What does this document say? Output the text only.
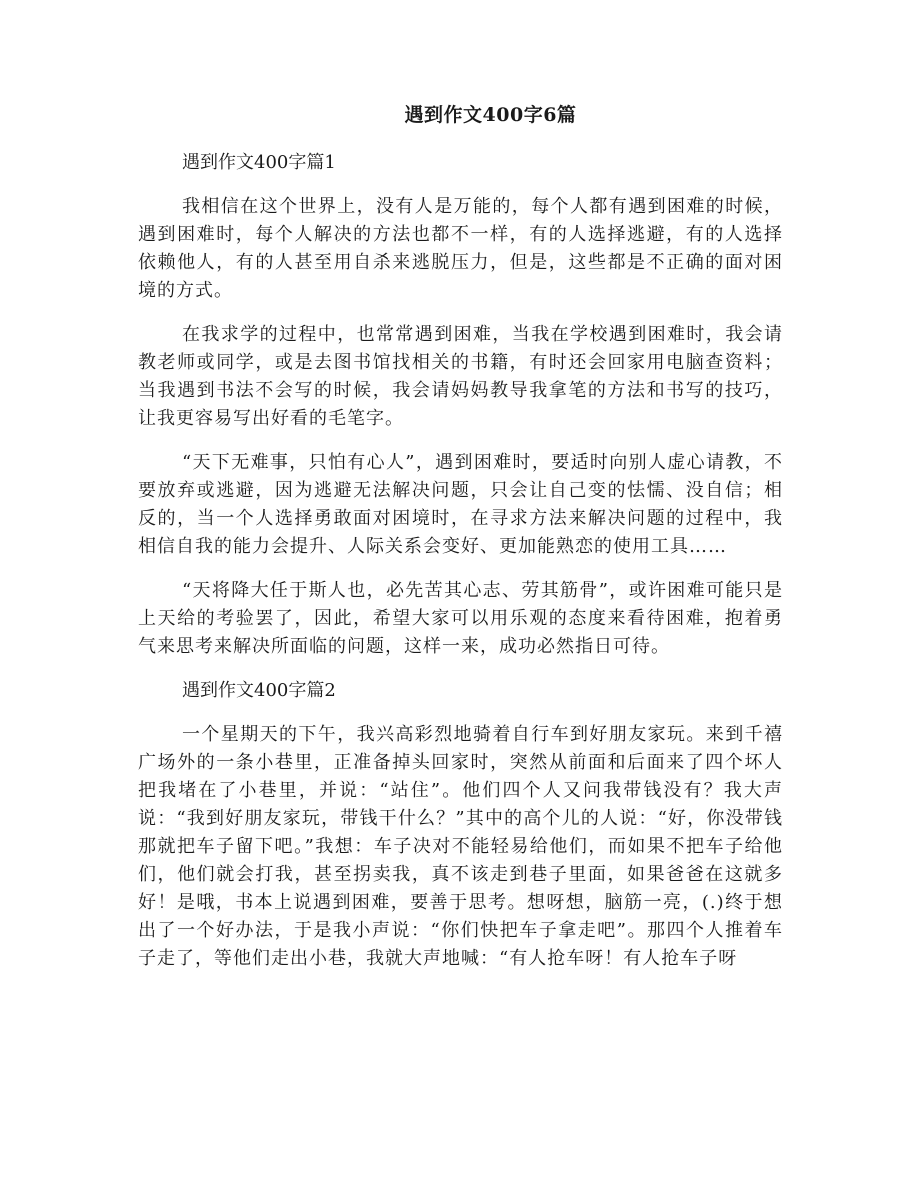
遇到作文400字6篇
遇到作文400字篇1

我相信在这个世界上，没有人是万能的，每个人都有遇到困难的时候，遇到困难时，每个人解决的方法也都不一样，有的人选择逃避，有的人选择依赖他人，有的人甚至用自杀来逃脱压力，但是，这些都是不正确的面对困境的方式。

在我求学的过程中，也常常遇到困难，当我在学校遇到困难时，我会请教老师或同学，或是去图书馆找相关的书籍，有时还会回家用电脑查资料；当我遇到书法不会写的时候，我会请妈妈教导我拿笔的方法和书写的技巧，让我更容易写出好看的毛笔字。

“天下无难事，只怕有心人”，遇到困难时，要适时向别人虚心请教，不要放弃或逃避，因为逃避无法解决问题，只会让自己变的怯懦、没自信；相反的，当一个人选择勇敢面对困境时，在寻求方法来解决问题的过程中，我相信自我的能力会提升、人际关系会变好、更加能熟恋的使用工具……

“天将降大任于斯人也，必先苦其心志、劳其筋骨”，或许困难可能只是上天给的考验罢了，因此，希望大家可以用乐观的态度来看待困难，抱着勇气来思考来解决所面临的问题，这样一来，成功必然指日可待。

遇到作文400字篇2

一个星期天的下午，我兴高彩烈地骑着自行车到好朋友家玩。来到千禧广场外的一条小巷里，正准备掉头回家时，突然从前面和后面来了四个坏人把我堵在了小巷里，并说：“站住”。他们四个人又问我带钱没有？我大声说：“我到好朋友家玩，带钱干什么？”其中的高个儿的人说：“好，你没带钱那就把车子留下吧。”我想：车子决对不能轻易给他们，而如果不把车子给他们，他们就会打我，甚至拐卖我，真不该走到巷子里面，如果爸爸在这就多好！是哦，书本上说遇到困难，要善于思考。想呀想，脑筋一亮，(.)终于想出了一个好办法，于是我小声说：“你们快把车子拿走吧”。那四个人推着车子走了，等他们走出小巷，我就大声地喊：“有人抢车呀！有人抢车子呀
